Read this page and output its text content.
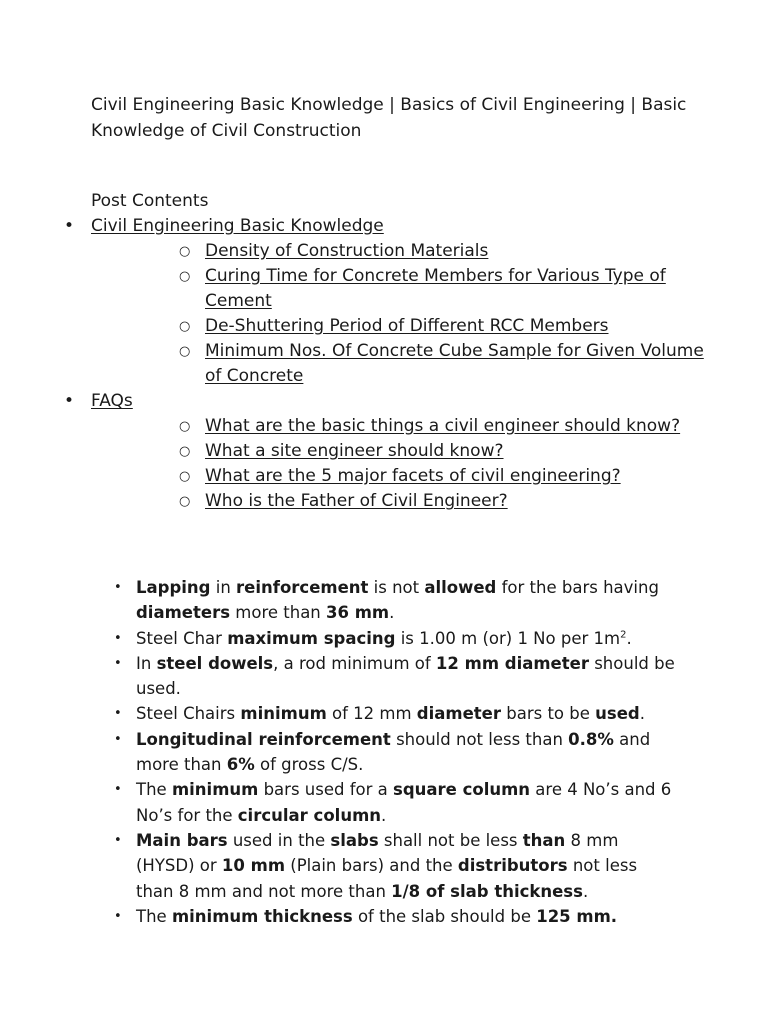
Civil Engineering Basic Knowledge | Basics of Civil Engineering | Basic Knowledge of Civil Construction

Post Contents

• Civil Engineering Basic Knowledge
○ Density of Construction Materials
○ Curing Time for Concrete Members for Various Type of Cement
○ De-Shuttering Period of Different RCC Members
○ Minimum Nos. Of Concrete Cube Sample for Given Volume of Concrete
• FAQs
○ What are the basic things a civil engineer should know?
○ What a site engineer should know?
○ What are the 5 major facets of civil engineering?
○ Who is the Father of Civil Engineer?
• Lapping in reinforcement is not allowed for the bars having diameters more than 36 mm.
• Steel Char maximum spacing is 1.00 m (or) 1 No per $1m^2$.
• In steel dowels, a rod minimum of 12 mm diameter should be used.
• Steel Chairs minimum of 12 mm diameter bars to be used.
• Longitudinal reinforcement should not less than 0.8% and more than 6% of gross C/S.
• The minimum bars used for a square column are 4 No’s and 6 No’s for the circular column.
• Main bars used in the slabs shall not be less than 8 mm (HYSD) or 10 mm (Plain bars) and the distributors not less than 8 mm and not more than 1/8 of slab thickness.
• The minimum thickness of the slab should be 125 mm.
